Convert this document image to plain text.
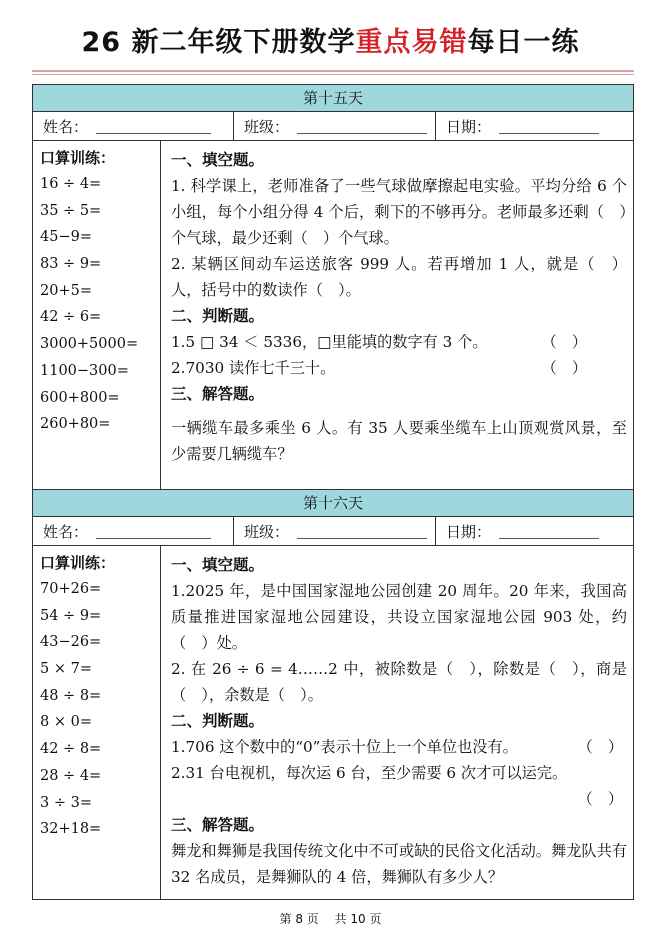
26 新二年级下册数学重点易错每日一练
第十五天
姓名：	班级：	日期：
口算训练：
16 ÷ 4=
35 ÷ 5=
45−9=
83 ÷ 9=
20+5=
42 ÷ 6=
3000+5000=
1100−300=
600+800=
260+80=
一、填空题。
1. 科学课上，老师准备了一些气球做摩擦起电实验。平均分给 6 个小组，每个小组分得 4 个后，剩下的不够再分。老师最多还剩（　）个气球，最少还剩（　）个气球。
2. 某辆区间动车运送旅客 999 人。若再增加 1 人，就是（　）人，括号中的数读作（　）。
二、判断题。
1.5 □ 34 ＜ 5336，□里能填的数字有 3 个。	（　）
2.7030 读作七千三十。	（　）
三、解答题。
一辆缆车最多乘坐 6 人。有 35 人要乘坐缆车上山顶观赏风景，至少需要几辆缆车？
第十六天
姓名：	班级：	日期：
口算训练：
70+26=
54 ÷ 9=
43−26=
5 × 7=
48 ÷ 8=
8 × 0=
42 ÷ 8=
28 ÷ 4=
3 ÷ 3=
32+18=
一、填空题。
1.2025 年，是中国国家湿地公园创建 20 周年。20 年来，我国高质量推进国家湿地公园建设，共设立国家湿地公园 903 处，约（　）处。
2. 在 26 ÷ 6 = 4……2 中，被除数是（　），除数是（　），商是（　），余数是（　）。
二、判断题。
1.706 这个数中的“0”表示十位上一个单位也没有。	（　）
2.31 台电视机，每次运 6 台，至少需要 6 次才可以运完。
（　）
三、解答题。
舞龙和舞狮是我国传统文化中不可或缺的民俗文化活动。舞龙队共有 32 名成员，是舞狮队的 4 倍，舞狮队有多少人？
第 8 页　 共 10 页
